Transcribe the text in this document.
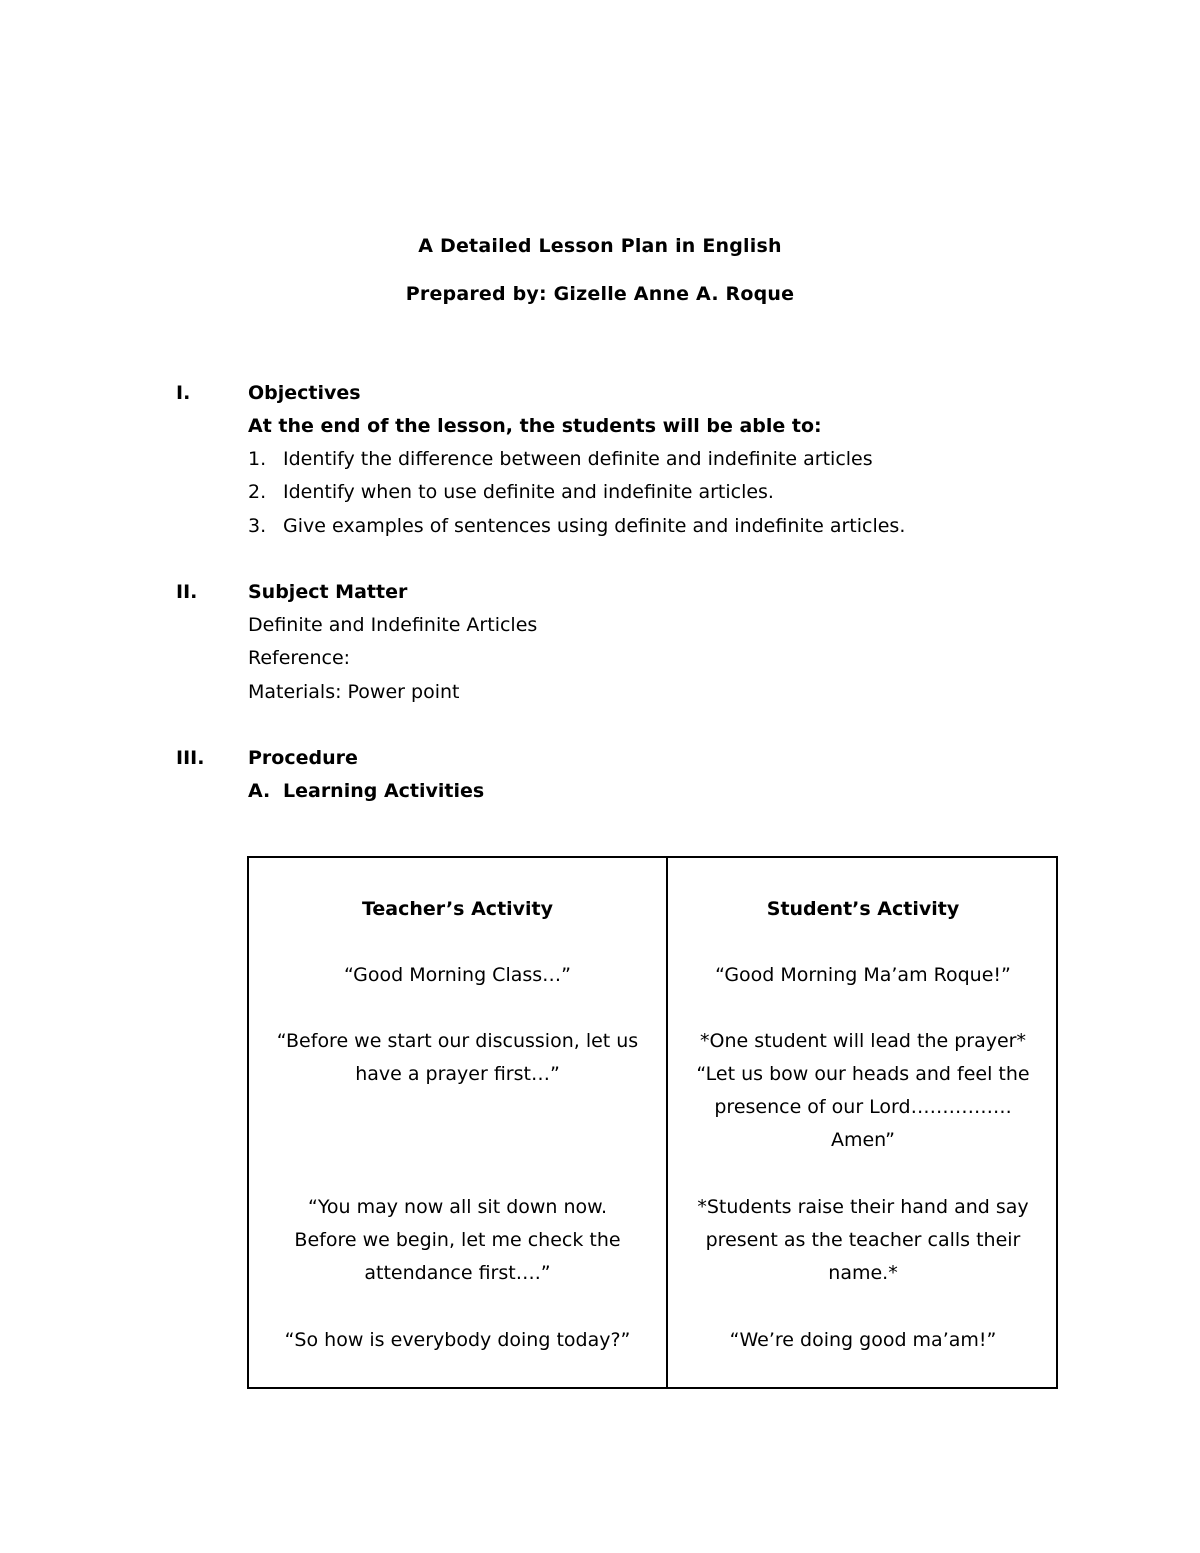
A Detailed Lesson Plan in English
Prepared by: Gizelle Anne A. Roque
I.	Objectives
At the end of the lesson, the students will be able to:
1. Identify the difference between definite and indefinite articles
2. Identify when to use definite and indefinite articles.
3. Give examples of sentences using definite and indefinite articles.
II.	Subject Matter
Definite and Indefinite Articles
Reference:
Materials: Power point
III. Procedure
A. Learning Activities
Teacher’s Activity
“Good Morning Class…”
“Before we start our discussion, let us
have a prayer first…”
“You may now all sit down now.
Before we begin, let me check the
attendance first….”
“So how is everybody doing today?”
Student’s Activity
“Good Morning Ma’am Roque!”
*One student will lead the prayer*
“Let us bow our heads and feel the
presence of our Lord…………….
Amen”
*Students raise their hand and say
present as the teacher calls their
name.*
“We’re doing good ma’am!”
